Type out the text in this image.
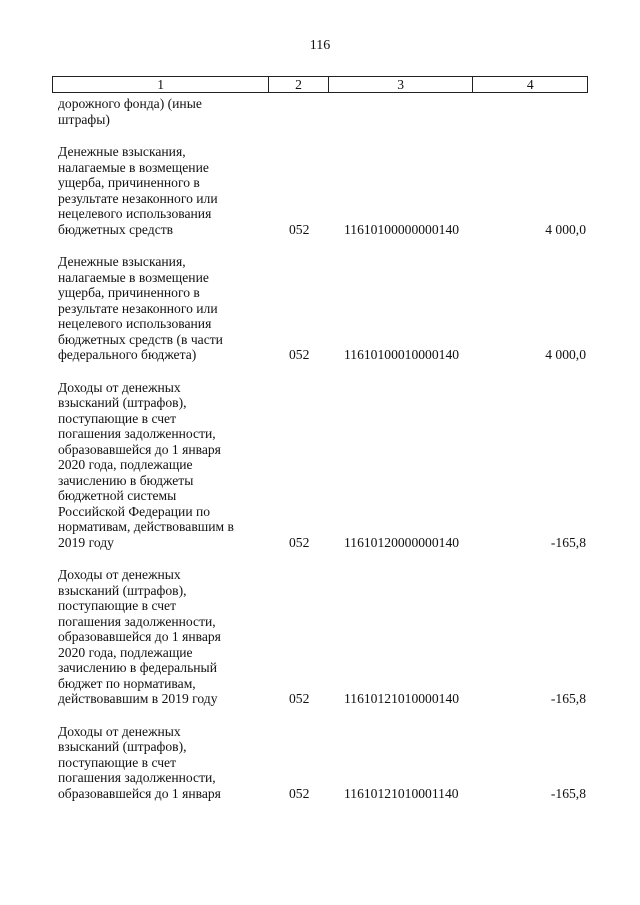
116
1	2	3	4
дорожного фонда) (иные
штрафы)
Денежные взыскания,
налагаемые в возмещение
ущерба, причиненного в
результате незаконного или
нецелевого использования
бюджетных средств	052	11610100000000140	4 000,0
Денежные взыскания,
налагаемые в возмещение
ущерба, причиненного в
результате незаконного или
нецелевого использования
бюджетных средств (в части
федерального бюджета)	052	11610100010000140	4 000,0
Доходы от денежных
взысканий (штрафов),
поступающие в счет
погашения задолженности,
образовавшейся до 1 января
2020 года, подлежащие
зачислению в бюджеты
бюджетной системы
Российской Федерации по
нормативам, действовавшим в
2019 году	052	11610120000000140	-165,8
Доходы от денежных
взысканий (штрафов),
поступающие в счет
погашения задолженности,
образовавшейся до 1 января
2020 года, подлежащие
зачислению в федеральный
бюджет по нормативам,
действовавшим в 2019 году	052	11610121010000140	-165,8
Доходы от денежных
взысканий (штрафов),
поступающие в счет
погашения задолженности,
образовавшейся до 1 января	052	11610121010001140	-165,8
